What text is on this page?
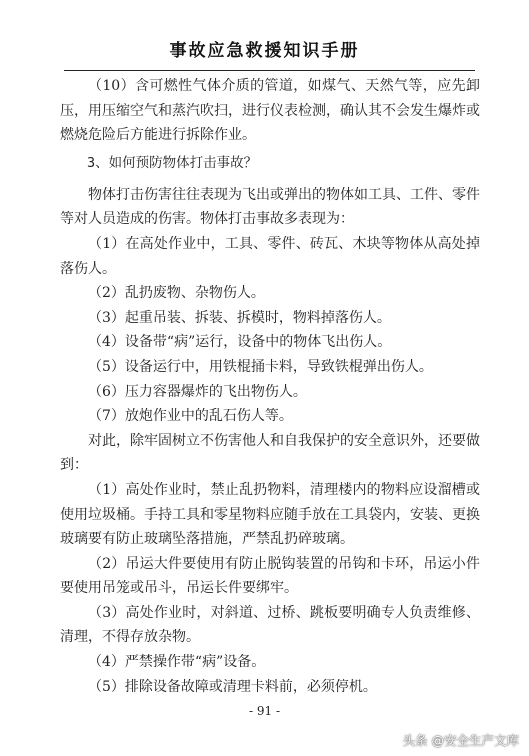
事故应急救援知识手册

（10）含可燃性气体介质的管道，如煤气、天然气等，应先卸压，用压缩空气和蒸汽吹扫，进行仪表检测，确认其不会发生爆炸或燃烧危险后方能进行拆除作业。

3、如何预防物体打击事故？

物体打击伤害往往表现为飞出或弹出的物体如工具、工件、零件等对人员造成的伤害。物体打击事故多表现为：

（1）在高处作业中，工具、零件、砖瓦、木块等物体从高处掉落伤人。

（2）乱扔废物、杂物伤人。

（3）起重吊装、拆装、拆模时，物料掉落伤人。

（4）设备带“病”运行，设备中的物体飞出伤人。

（5）设备运行中，用铁棍捅卡料，导致铁棍弹出伤人。

（6）压力容器爆炸的飞出物伤人。

（7）放炮作业中的乱石伤人等。

对此，除牢固树立不伤害他人和自我保护的安全意识外，还要做到：

（1）高处作业时，禁止乱扔物料，清理楼内的物料应设溜槽或使用垃圾桶。手持工具和零星物料应随手放在工具袋内，安装、更换玻璃要有防止玻璃坠落措施，严禁乱扔碎玻璃。

（2）吊运大件要使用有防止脱钩装置的吊钩和卡环，吊运小件要使用吊笼或吊斗，吊运长件要绑牢。

（3）高处作业时，对斜道、过桥、跳板要明确专人负责维修、清理，不得存放杂物。

（4）严禁操作带“病”设备。

（5）排除设备故障或清理卡料前，必须停机。

- 91 -
头条 @安全生产文库
